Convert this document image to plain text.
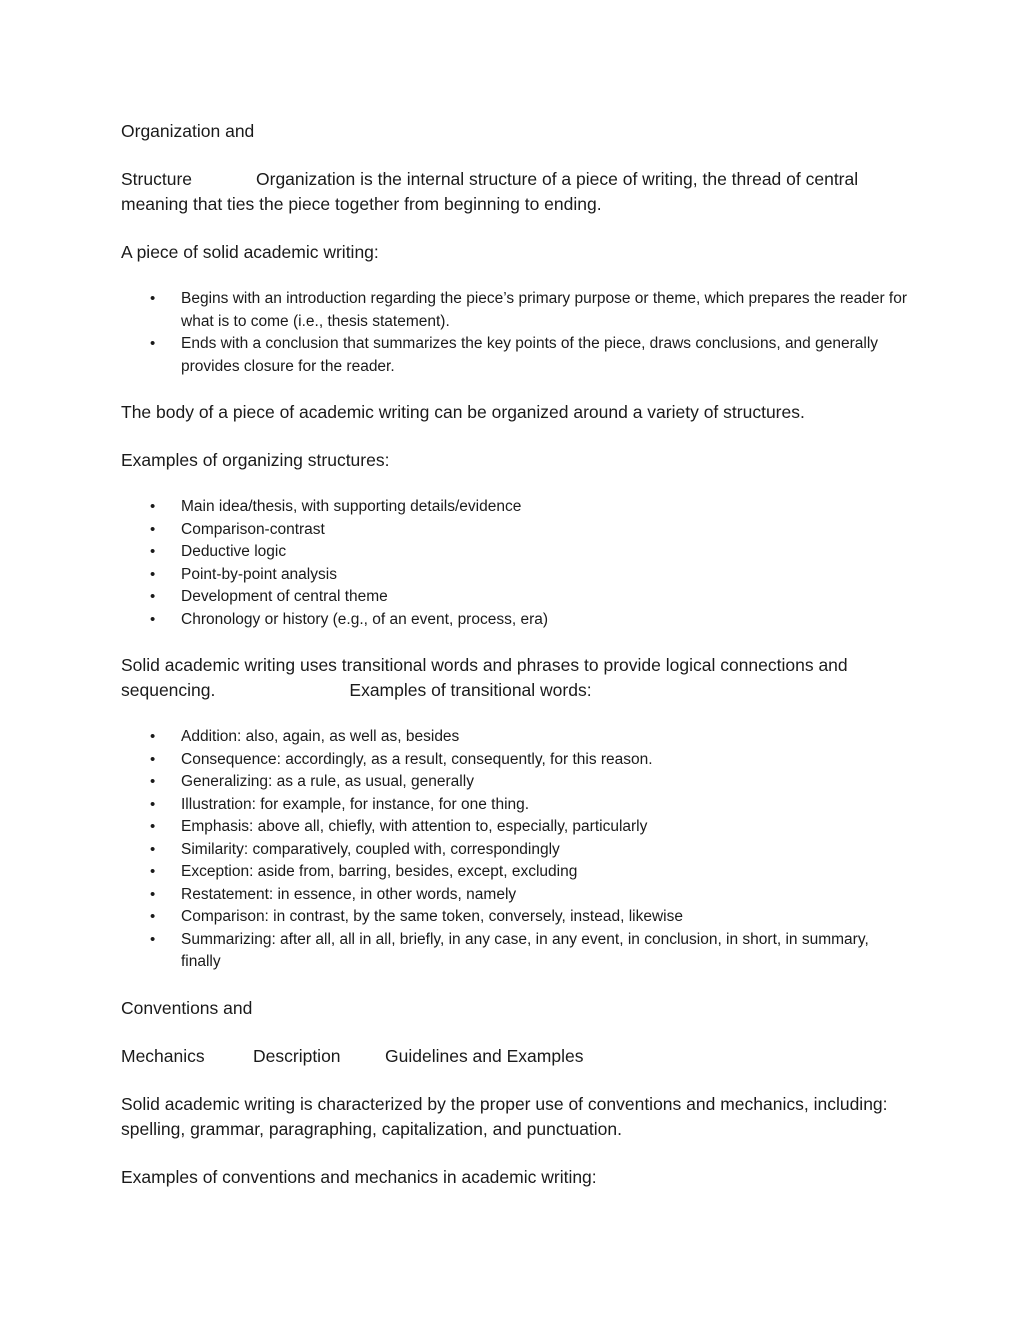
Organization and

Structure	Organization is the internal structure of a piece of writing, the thread of central meaning that ties the piece together from beginning to ending.

A piece of solid academic writing:

• Begins with an introduction regarding the piece’s primary purpose or theme, which prepares the reader for what is to come (i.e., thesis statement).
• Ends with a conclusion that summarizes the key points of the piece, draws conclusions, and generally provides closure for the reader.

The body of a piece of academic writing can be organized around a variety of structures.

Examples of organizing structures:

• Main idea/thesis, with supporting details/evidence
• Comparison-contrast
• Deductive logic
• Point-by-point analysis
• Development of central theme
• Chronology or history (e.g., of an event, process, era)

Solid academic writing uses transitional words and phrases to provide logical connections and sequencing.	Examples of transitional words:

• Addition: also, again, as well as, besides
• Consequence: accordingly, as a result, consequently, for this reason.
• Generalizing: as a rule, as usual, generally
• Illustration: for example, for instance, for one thing.
• Emphasis: above all, chiefly, with attention to, especially, particularly
• Similarity: comparatively, coupled with, correspondingly
• Exception: aside from, barring, besides, except, excluding
• Restatement: in essence, in other words, namely
• Comparison: in contrast, by the same token, conversely, instead, likewise
• Summarizing: after all, all in all, briefly, in any case, in any event, in conclusion, in short, in summary, finally

Conventions and

Mechanics	Description	Guidelines and Examples

Solid academic writing is characterized by the proper use of conventions and mechanics, including: spelling, grammar, paragraphing, capitalization, and punctuation.

Examples of conventions and mechanics in academic writing:
